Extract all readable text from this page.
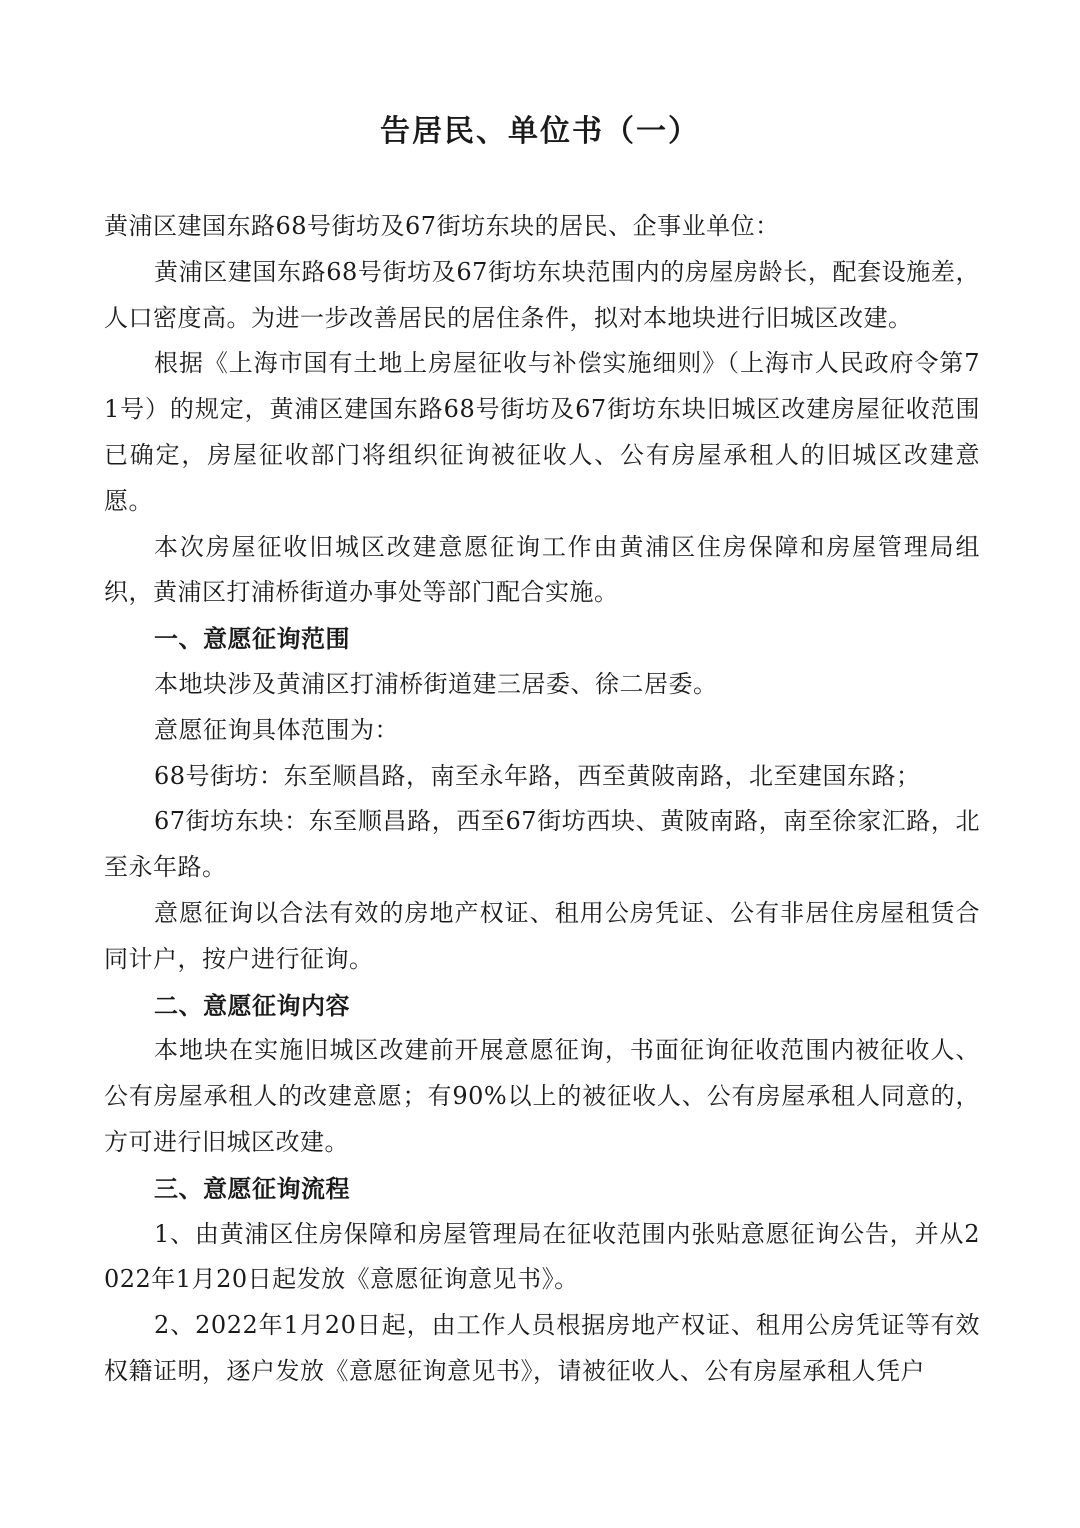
告居民、单位书（一）

黄浦区建国东路68号街坊及67街坊东块的居民、企事业单位：

黄浦区建国东路68号街坊及67街坊东块范围内的房屋房龄长，配套设施差，人口密度高。为进一步改善居民的居住条件，拟对本地块进行旧城区改建。

根据《上海市国有土地上房屋征收与补偿实施细则》（上海市人民政府令第71号）的规定，黄浦区建国东路68号街坊及67街坊东块旧城区改建房屋征收范围已确定，房屋征收部门将组织征询被征收人、公有房屋承租人的旧城区改建意愿。

本次房屋征收旧城区改建意愿征询工作由黄浦区住房保障和房屋管理局组织，黄浦区打浦桥街道办事处等部门配合实施。

一、意愿征询范围

本地块涉及黄浦区打浦桥街道建三居委、徐二居委。

意愿征询具体范围为：

68号街坊：东至顺昌路，南至永年路，西至黄陂南路，北至建国东路；

67街坊东块：东至顺昌路，西至67街坊西块、黄陂南路，南至徐家汇路，北至永年路。

意愿征询以合法有效的房地产权证、租用公房凭证、公有非居住房屋租赁合同计户，按户进行征询。

二、意愿征询内容

本地块在实施旧城区改建前开展意愿征询，书面征询征收范围内被征收人、公有房屋承租人的改建意愿；有90%以上的被征收人、公有房屋承租人同意的，方可进行旧城区改建。

三、意愿征询流程

1、由黄浦区住房保障和房屋管理局在征收范围内张贴意愿征询公告，并从2022年1月20日起发放《意愿征询意见书》。

2、2022年1月20日起，由工作人员根据房地产权证、租用公房凭证等有效权籍证明，逐户发放《意愿征询意见书》，请被征收人、公有房屋承租人凭户
